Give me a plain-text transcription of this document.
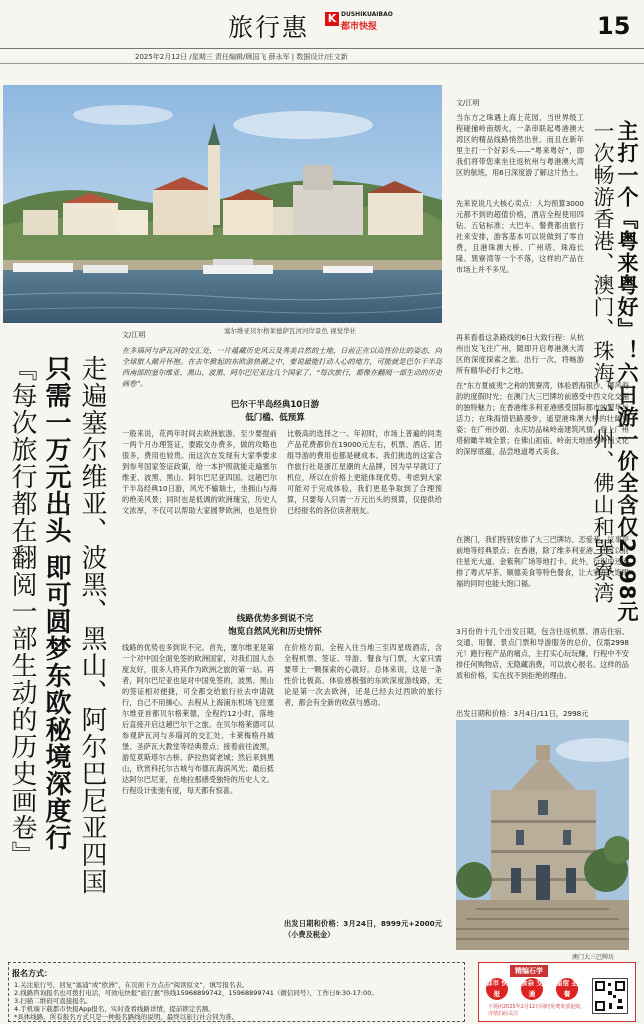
旅行惠 K DUSHIKUAIBAO
都市快报	15
2025年2月12日 /星期三 责任编辑/顾国飞 薛永军 | 数据设计/庄文新
塞尔维亚贝尔格莱德萨瓦河河岸景色 视觉华社
走遍塞尔维亚、波黑、黑山、阿尔巴尼亚四国
只需一万元出头 即可圆梦东欧秘境深度行
『每次旅行都在翻阅一部生动的历史画卷』
文/江明
在多瑙河与萨瓦河的交汇处，一片蕴藏历史风云及秀美自然的土地，日前正在以高性价比的姿态，向全球旅人敞开怀抱。在去年掀起的东欧游热潮之中，要说最能打动人心的地方，可能就是巴尔干半岛西南部的塞尔维亚、黑山、波黑、阿尔巴尼亚这几个国家了，“每次旅行，都像在翻阅一部生动的历史画卷”。
巴尔干半岛经典10日游
低门槛、低预算
一般来说，花两年时间去欧洲旅游，至少要提前一两个月办理签证，要跟交办费多，做的攻略也很多，费用也较贵。而这次在发现有大家季要求到参考国家签证政策，给一本护照就能走遍塞尔维亚、波黑、黑山、阿尔巴尼亚四国。这趟巴尔干半岛经典10日游，风光不输瑞士，坐拥山与海的绝美风景；同时也是低调的欧洲瑰宝，历史人文浓厚，不仅可以帮助大家圆梦欧洲，也是性价比极高的选择之一。年初时，市场上普遍的同类产品花费都价在19000元左右，机票、酒店、团组导游的费用也都是硬成本。我们挑选的这家合作旅行社是浙江星潮的大品牌，因为早早就订了机位，所以在价格上更能体现优势。考虑到大家可能对于完成体验，我们更是争取到了合理预算，只要每人只需一万元出头的预算，仅提供给已经报名的各位读者朋友。
线路优势多到说不完
饱览自然风光和历史情怀
线路的优势也多到说不完。首先，塞尔维亚是第一个对中国全面免签的欧洲国家，对我们国人态度友好，很多人将其作为欧洲之旅的第一站。再者，阿尔巴尼亚也是对中国免签的，波黑、黑山的签证相对便捷，可全都交给旅行社去申请就行，自己不用操心。去程从上海浦东机场飞往塞尔维亚首都贝尔格莱德，全程约12小时，落地后直接开启这趟巴尔干之旅。在贝尔格莱德可以参观萨瓦河与多瑙河的交汇处、卡莱梅格丹城堡、圣萨瓦大教堂等经典景点；接着前往波黑，游览莫斯塔尔古桥、萨拉热窝老城；然后来到黑山，欣赏科托尔古城与布德瓦海滨风光；最后抵达阿尔巴尼亚，在地拉那感受独特的历史人文。行程设计张弛有度，每天都有惊喜。
在价格方面，全程入住当地三至四星级酒店，含全程机票、签证、导游、餐食与门票，大家只需要带上一颗探索的心就好。总体来说，这是一条性价比极高、体验感极强的东欧深度游线路，无论是第一次去欧洲，还是已经去过西欧的旅行者，都会有全新的收获与感动。
出发日期和价格：3月24日，8999元+2000元（小费及税金）
主打一个『粤来粤好』！六日游一价全含仅2998元
一次畅游香港、澳门、珠海、广州、佛山和巽寮湾
文/江明
当东方之珠遇上海上花园，当世界级工程碰撞岭南烟火，一条串联起粤港澳大湾区的精品线路悄然出世。而且在新年里主打一个好彩头——“粤来粤好”，即我们将带您乘坐往返杭州与粤港澳大湾区的航班，用6日深度游了解这片热土。
先来说说几大核心卖点：人均预算3000元都不到的超值价格，酒店全程使用四钻、五钻标准；大巴车、餐费都由旅行社来安排，游客基本可以说做到了零自费，且港珠澳大桥、广州塔、珠海长隆、巽寮湾等一个不落，这样的产品在市场上并不多见。
再来看看这条路线的6日大致行程：从杭州出发飞往广州，随即开启粤港澳大湾区的深度探索之旅。出行一次，将畅游所有精华必打卡之地。
在“东方夏威夷”之称的巽寮湾，体验碧海银沙、椰风海韵的度假时光；在澳门大三巴牌坊前感受中西文化交融的独特魅力；在香港维多利亚港感受国际都市的繁华与活力；在珠海情侣路漫步，遥望港珠澳大桥的壮阔身姿；在广州沙面、永庆坊品味岭南建筑风情，登上广州塔俯瞰羊城全景；在佛山祖庙、岭南天地感受岭南文化的深厚底蕴，品尝地道粤式美食。
在澳门，我们特别安排了大三巴牌坊、恋爱巷、议事亭前地等经典景点；在香港，除了维多利亚港，还可以前往星光大道、金紫荆广场等地打卡。此外，行程中还安排了粤式早茶、顺德美食等特色餐食，让大家在大饱眼福的同时也能大饱口福。
3月份的十几个出发日期，包含往返机票、酒店住宿、交通、用餐、景点门票和导游服务的总价，仅需2998元！跑行程产品的痛点，主打实心玩玩赚，行程中不安排任何购物店，无隐藏消费，可以放心报名。这样的品质和价格，实在找不到拒绝的理由。
出发日期和价格：3月4日/11日，2998元
澳门大三巴牌坊
报名方式：
1.关注旅行号，回复“塞浦”或“欧洲”，在页面下方点击“阅读原文”，填写报名表。
2.线路咨询报名也可拨打电话，可致电快报“旅行惠”热线15968899742，15968899741（微信同号），工作日9:30-17:00。
3.扫描二维码可直接报名。
4.手机端下载都市快报App报名，实时查看线路详情，提前锁定名额。
*具体线路，所有报名方式只是一种报名路线的说明，最终以旅行社合同为准。
精编石学
都市 快报
食杂 交通
星宿 圣餐
千场团2025年2月12日同时免费发放抢购，详情扫码关注
